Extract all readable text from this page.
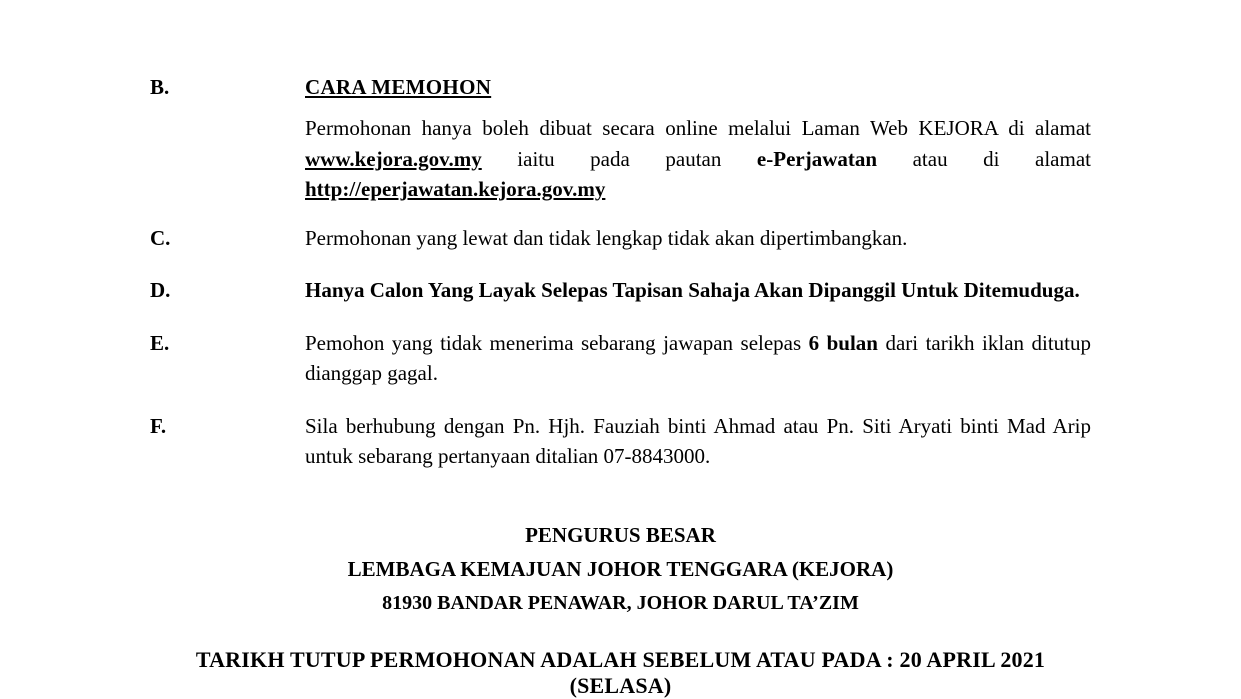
B.	CARA MEMOHON
Permohonan hanya boleh dibuat secara online melalui Laman Web KEJORA di alamat www.kejora.gov.my iaitu pada pautan e-Perjawatan atau di alamat http://eperjawatan.kejora.gov.my
C.	Permohonan yang lewat dan tidak lengkap tidak akan dipertimbangkan.
D.	Hanya Calon Yang Layak Selepas Tapisan Sahaja Akan Dipanggil Untuk Ditemuduga.
E.	Pemohon yang tidak menerima sebarang jawapan selepas 6 bulan dari tarikh iklan ditutup dianggap gagal.
F.	Sila berhubung dengan Pn. Hjh. Fauziah binti Ahmad atau Pn. Siti Aryati binti Mad Arip untuk sebarang pertanyaan ditalian 07-8843000.
PENGURUS BESAR
LEMBAGA KEMAJUAN JOHOR TENGGARA (KEJORA)
81930 BANDAR PENAWAR, JOHOR DARUL TA’ZIM
TARIKH TUTUP PERMOHONAN ADALAH SEBELUM ATAU PADA : 20 APRIL 2021 (SELASA)
